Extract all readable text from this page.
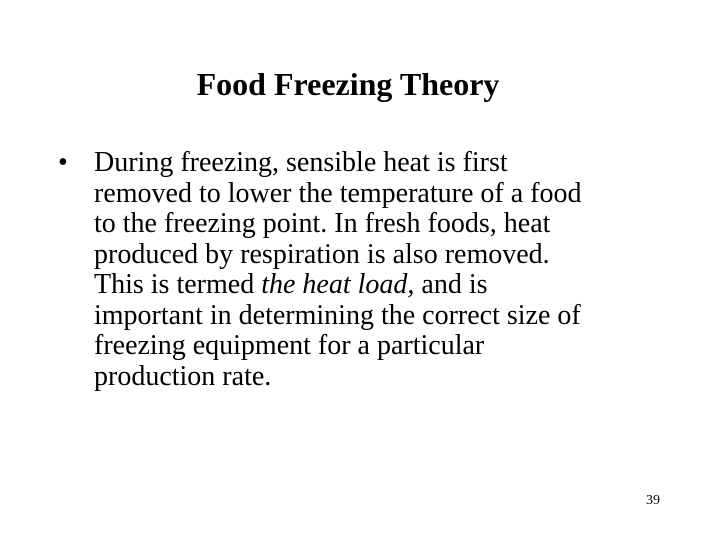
Food Freezing Theory
• During freezing, sensible heat is first
removed to lower the temperature of a food
to the freezing point. In fresh foods, heat
produced by respiration is also removed.
This is termed the heat load, and is
important in determining the correct size of
freezing equipment for a particular
production rate.
39
